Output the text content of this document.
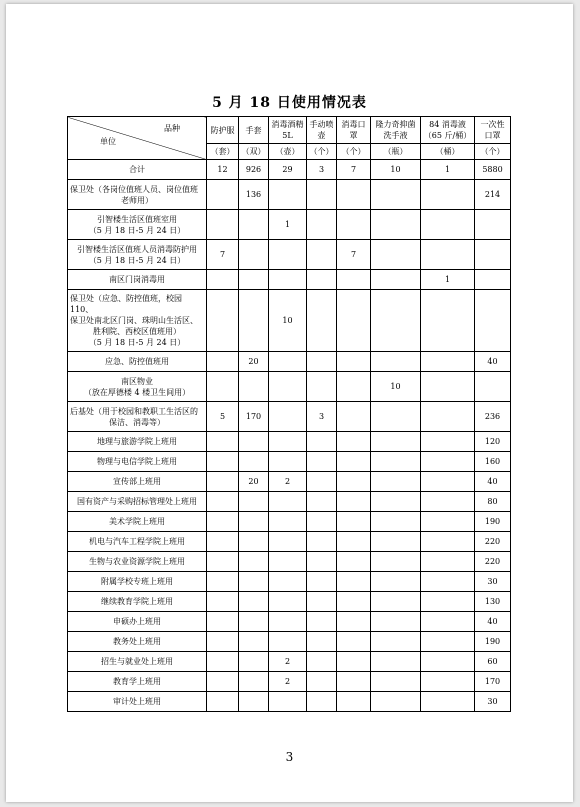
5 月 18 日使用情况表
品种
单位	防护服	手套	消毒酒精 5L	手动喷壶	消毒口罩	隆力奇抑菌洗手液	84 消毒液（65 斤/桶）	一次性口罩
	（套）	（双）	（壶）	（个）	（个）	（瓶）	（桶）	（个）

合计	12	926	29	3	7	10	1	5880

保卫处（各岗位值班人员、岗位值班
老师用）		136						214

引智楼生活区值班室用
（5 月 18 日-5 月 24 日）			1					

引智楼生活区值班人员消毒防护用
（5 月 18 日-5 月 24 日）	7				7			

南区门岗消毒用							1	

保卫处（应急、防控值班，校园 110、
保卫处南北区门岗、珠明山生活区、
胜利院、西校区值班用）
（5 月 18 日-5 月 24 日）			10					

应急、防控值班用		20						40

南区物业
（放在厚德楼 4 楼卫生间用）						10		

后基处（用于校园和教职工生活区的
保洁、消毒等）	5	170		3				236

地理与旅游学院上班用								120

物理与电信学院上班用								160

宣传部上班用		20	2					40

国有资产与采购招标管理处上班用								80

美术学院上班用								190

机电与汽车工程学院上班用								220

生物与农业资源学院上班用								220

附属学校专班上班用								30

继续教育学院上班用								130

申硕办上班用								40

教务处上班用								190

招生与就业处上班用			2					60

教育学上班用			2					170

审计处上班用								30
3
